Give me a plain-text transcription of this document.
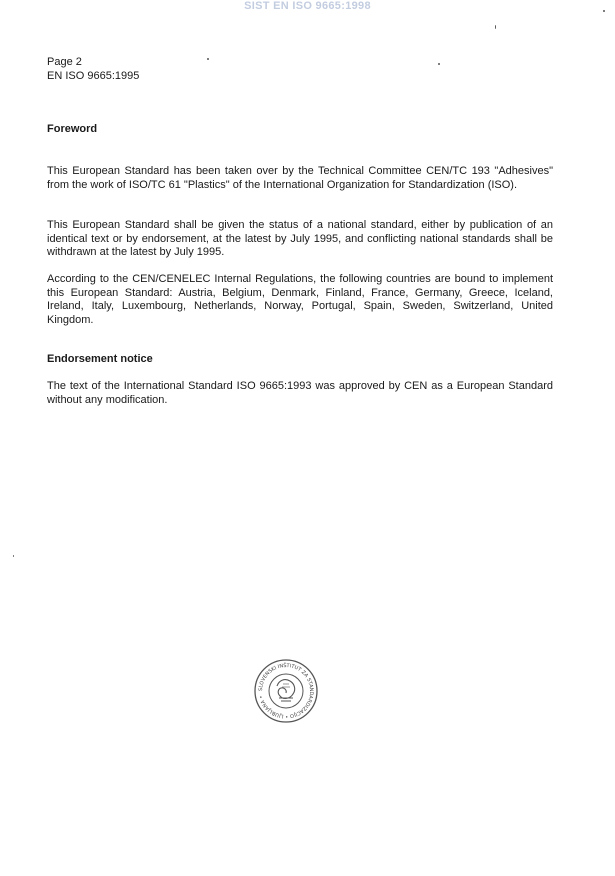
SIST EN ISO 9665:1998
Page 2
EN ISO 9665:1995
Foreword
This European Standard has been taken over by the Technical Committee CEN/TC 193 "Adhesives" from the work of ISO/TC 61 "Plastics" of the International Organization for Standardization (ISO).
This European Standard shall be given the status of a national standard, either by publication of an identical text or by endorsement, at the latest by July 1995, and conflicting national standards shall be withdrawn at the latest by July 1995.
According to the CEN/CENELEC Internal Regulations, the following countries are bound to implement this European Standard: Austria, Belgium, Denmark, Finland, France, Germany, Greece, Iceland, Ireland, Italy, Luxembourg, Netherlands, Norway, Portugal, Spain, Sweden, Switzerland, United Kingdom.
Endorsement notice
The text of the International Standard ISO 9665:1993 was approved by CEN as a European Standard without any modification.
SLOVENSKI INŠTITUT ZA STANDARDIZACIJO • LJUBLJANA •
